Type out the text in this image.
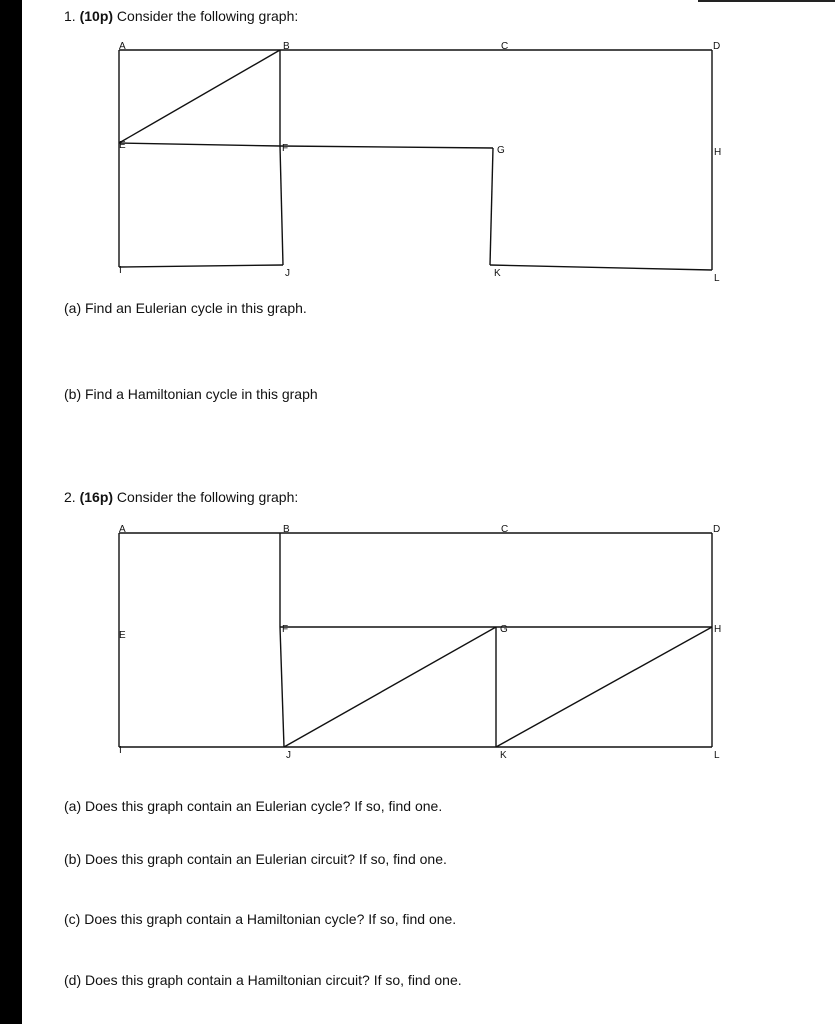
1. (10p) Consider the following graph:

A	B	C	D
E	F	G	H
I	J	K	L

(a) Find an Eulerian cycle in this graph.

(b) Find a Hamiltonian cycle in this graph

2. (16p) Consider the following graph:

A	B	C	D
E
F	G	H
I	J	K	L

(a) Does this graph contain an Eulerian cycle? If so, find one.

(b) Does this graph contain an Eulerian circuit? If so, find one.

(c) Does this graph contain a Hamiltonian cycle? If so, find one.

(d) Does this graph contain a Hamiltonian circuit? If so, find one.
